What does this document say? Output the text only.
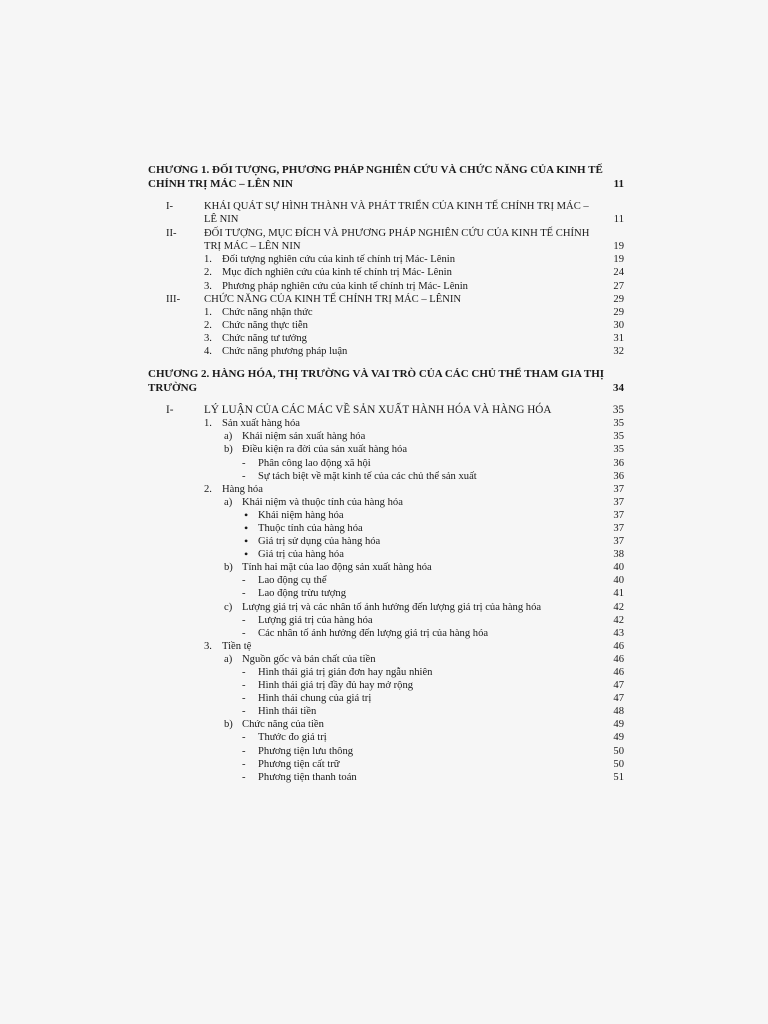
CHƯƠNG 1. ĐỐI TƯỢNG, PHƯƠNG PHÁP NGHIÊN CỨU VÀ CHỨC NĂNG CỦA KINH TẾ
CHÍNH TRỊ MÁC – LÊN NIN	11
I-	KHÁI QUÁT SỰ HÌNH THÀNH VÀ PHÁT TRIỂN CỦA KINH TẾ CHÍNH TRỊ MÁC –
LÊ NIN	11
II-	ĐỐI TƯỢNG, MỤC ĐÍCH VÀ PHƯƠNG PHÁP NGHIÊN CỨU CỦA KINH TẾ CHÍNH
TRỊ MÁC – LÊN NIN	19
1. Đối tượng nghiên cứu của kinh tế chính trị Mác- Lênin	19
2. Mục đích nghiên cứu của kinh tế chính trị Mác- Lênin	24
3. Phương pháp nghiên cứu của kinh tế chính trị Mác- Lênin	27
III-	CHỨC NĂNG CỦA KINH TẾ CHÍNH TRỊ MÁC – LÊNIN	29
1. Chức năng nhận thức	29
2. Chức năng thực tiễn	30
3. Chức năng tư tưởng	31
4. Chức năng phương pháp luận	32
CHƯƠNG 2. HÀNG HÓA, THỊ TRƯỜNG VÀ VAI TRÒ CỦA CÁC CHỦ THỂ THAM GIA THỊ
TRƯỜNG	34
I-	LÝ LUẬN CỦA CÁC MÁC VỀ SẢN XUẤT HÀNH HÓA VÀ HÀNG HÓA	35
1. Sản xuất hàng hóa	35
a) Khái niệm sản xuất hàng hóa	35
b) Điều kiện ra đời của sản xuất hàng hóa	35
-	Phân công lao động xã hội	36
-	Sự tách biệt về mặt kinh tế của các chủ thể sản xuất	36
2. Hàng hóa	37
a) Khái niệm và thuộc tính của hàng hóa	37
• Khái niệm hàng hóa	37
• Thuộc tính của hàng hóa	37
• Giá trị sử dụng của hàng hóa	37
• Giá trị của hàng hóa	38
b) Tính hai mặt của lao động sản xuất hàng hóa	40
-	Lao động cụ thể	40
-	Lao động trừu tượng	41
c) Lượng giá trị và các nhân tố ảnh hưởng đến lượng giá trị của hàng hóa	42
-	Lượng giá trị của hàng hóa	42
-	Các nhân tố ảnh hưởng đến lượng giá trị của hàng hóa	43
3. Tiền tệ	46
a) Nguồn gốc và bản chất của tiền	46
-	Hình thái giá trị giản đơn hay ngẫu nhiên	46
-	Hình thái giá trị đầy đủ hay mở rộng	47
-	Hình thái chung của giá trị	47
-	Hình thái tiền	48
b) Chức năng của tiền	49
-	Thước đo giá trị	49
-	Phương tiện lưu thông	50
-	Phương tiện cất trữ	50
-	Phương tiện thanh toán	51
